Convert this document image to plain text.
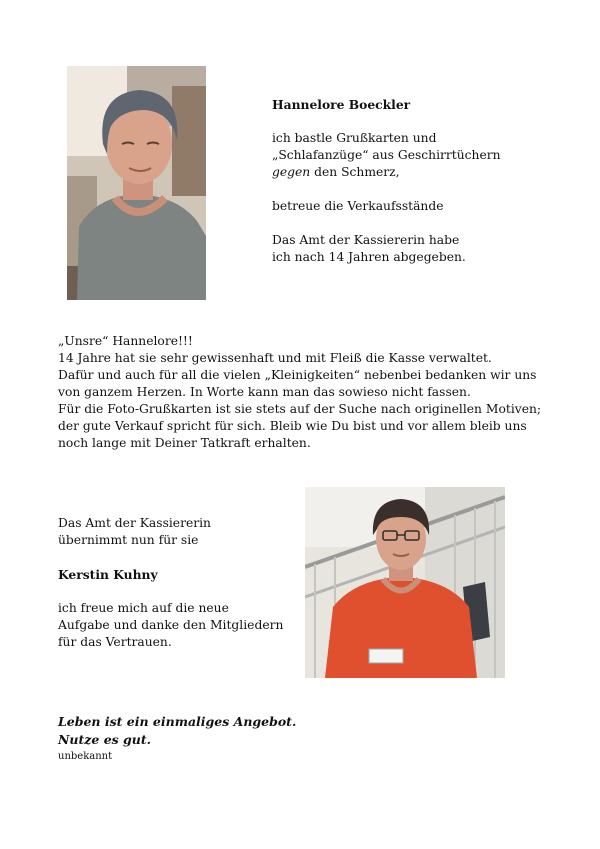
Hannelore Boeckler

ich bastle Grußkarten und
„Schlafanzüge“ aus Geschirrtüchern
gegen den Schmerz,

betreue die Verkaufsstände

Das Amt der Kassiererin habe
ich nach 14 Jahren abgegeben.

„Unsre“ Hannelore!!!
14 Jahre hat sie sehr gewissenhaft und mit Fleiß die Kasse verwaltet.
Dafür und auch für all die vielen „Kleinigkeiten“ nebenbei bedanken wir uns
von ganzem Herzen. In Worte kann man das sowieso nicht fassen.
Für die Foto-Grußkarten ist sie stets auf der Suche nach originellen Motiven;
der gute Verkauf spricht für sich. Bleib wie Du bist und vor allem bleib uns
noch lange mit Deiner Tatkraft erhalten.

Das Amt der Kassiererin
übernimmt nun für sie

Kerstin Kuhny

ich freue mich auf die neue
Aufgabe und danke den Mitgliedern
für das Vertrauen.

Leben ist ein einmaliges Angebot.
Nutze es gut.
unbekannt
